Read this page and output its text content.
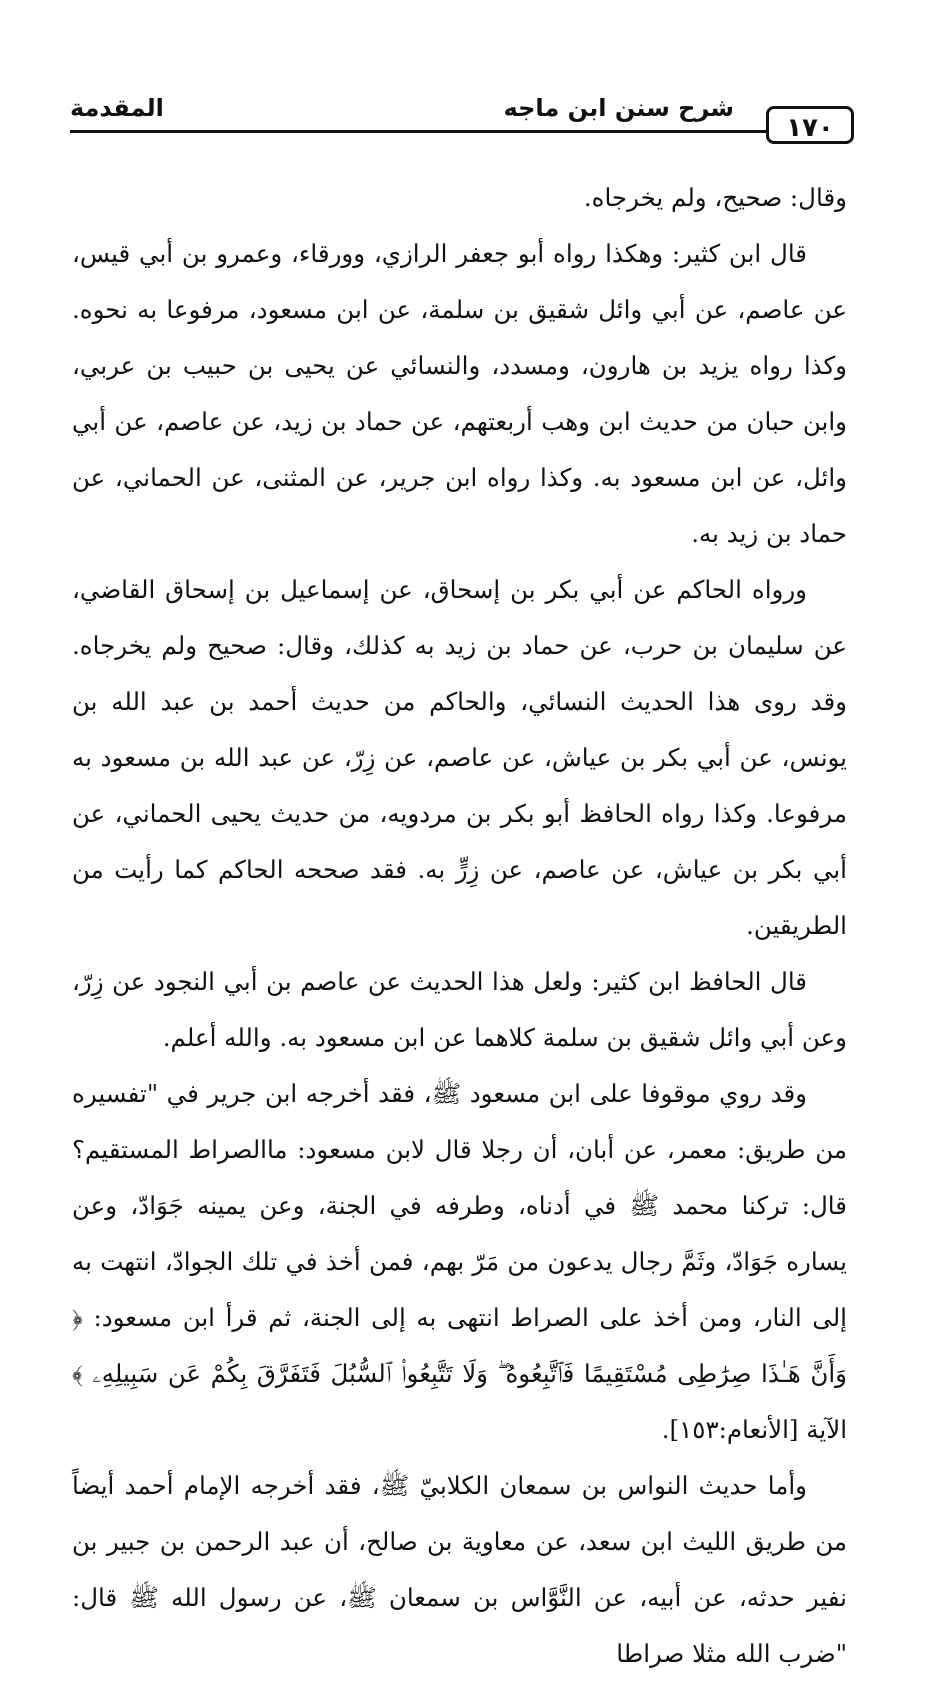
١٧٠
شرح سنن ابن ماجه
المقدمة

وقال: صحيح، ولم يخرجاه.

قال ابن كثير: وهكذا رواه أبو جعفر الرازي، وورقاء، وعمرو بن أبي قيس، عن عاصم، عن أبي وائل شقيق بن سلمة، عن ابن مسعود، مرفوعا به نحوه. وكذا رواه يزيد بن هارون، ومسدد، والنسائي عن يحيى بن حبيب بن عربي، وابن حبان من حديث ابن وهب أربعتهم، عن حماد بن زيد، عن عاصم، عن أبي وائل، عن ابن مسعود به. وكذا رواه ابن جرير، عن المثنى، عن الحماني، عن حماد بن زيد به.

ورواه الحاكم عن أبي بكر بن إسحاق، عن إسماعيل بن إسحاق القاضي، عن سليمان بن حرب، عن حماد بن زيد به كذلك، وقال: صحيح ولم يخرجاه. وقد روى هذا الحديث النسائي، والحاكم من حديث أحمد بن عبد الله بن يونس، عن أبي بكر بن عياش، عن عاصم، عن زِرّ، عن عبد الله بن مسعود به مرفوعا. وكذا رواه الحافظ أبو بكر بن مردويه، من حديث يحيى الحماني، عن أبي بكر بن عياش، عن عاصم، عن زِرٍّ به. فقد صححه الحاكم كما رأيت من الطريقين.

قال الحافظ ابن كثير: ولعل هذا الحديث عن عاصم بن أبي النجود عن زِرّ، وعن أبي وائل شقيق بن سلمة كلاهما عن ابن مسعود به. والله أعلم.

وقد روي موقوفا على ابن مسعود ﷺ، فقد أخرجه ابن جرير في "تفسيره من طريق: معمر، عن أبان، أن رجلا قال لابن مسعود: ماالصراط المستقيم؟ قال: تركنا محمد ﷺ في أدناه، وطرفه في الجنة، وعن يمينه جَوَادّ، وعن يساره جَوَادّ، وثَمَّ رجال يدعون من مَرّ بهم، فمن أخذ في تلك الجوادّ، انتهت به إلى النار، ومن أخذ على الصراط انتهى به إلى الجنة، ثم قرأ ابن مسعود: ﴿ وَأَنَّ هَـٰذَا صِرَٰطِى مُسْتَقِيمًا فَٱتَّبِعُوهُ ۖ وَلَا تَتَّبِعُوا۟ ٱلسُّبُلَ فَتَفَرَّقَ بِكُمْ عَن سَبِيلِهِۦ ﴾ الآية [الأنعام:١٥٣].

وأما حديث النواس بن سمعان الكلابيّ ﷺ، فقد أخرجه الإمام أحمد أيضاً من طريق الليث ابن سعد، عن معاوية بن صالح، أن عبد الرحمن بن جبير بن نفير حدثه، عن أبيه، عن النَّوَّاس بن سمعان ﷺ، عن رسول الله ﷺ قال: "ضرب الله مثلا صراطا
